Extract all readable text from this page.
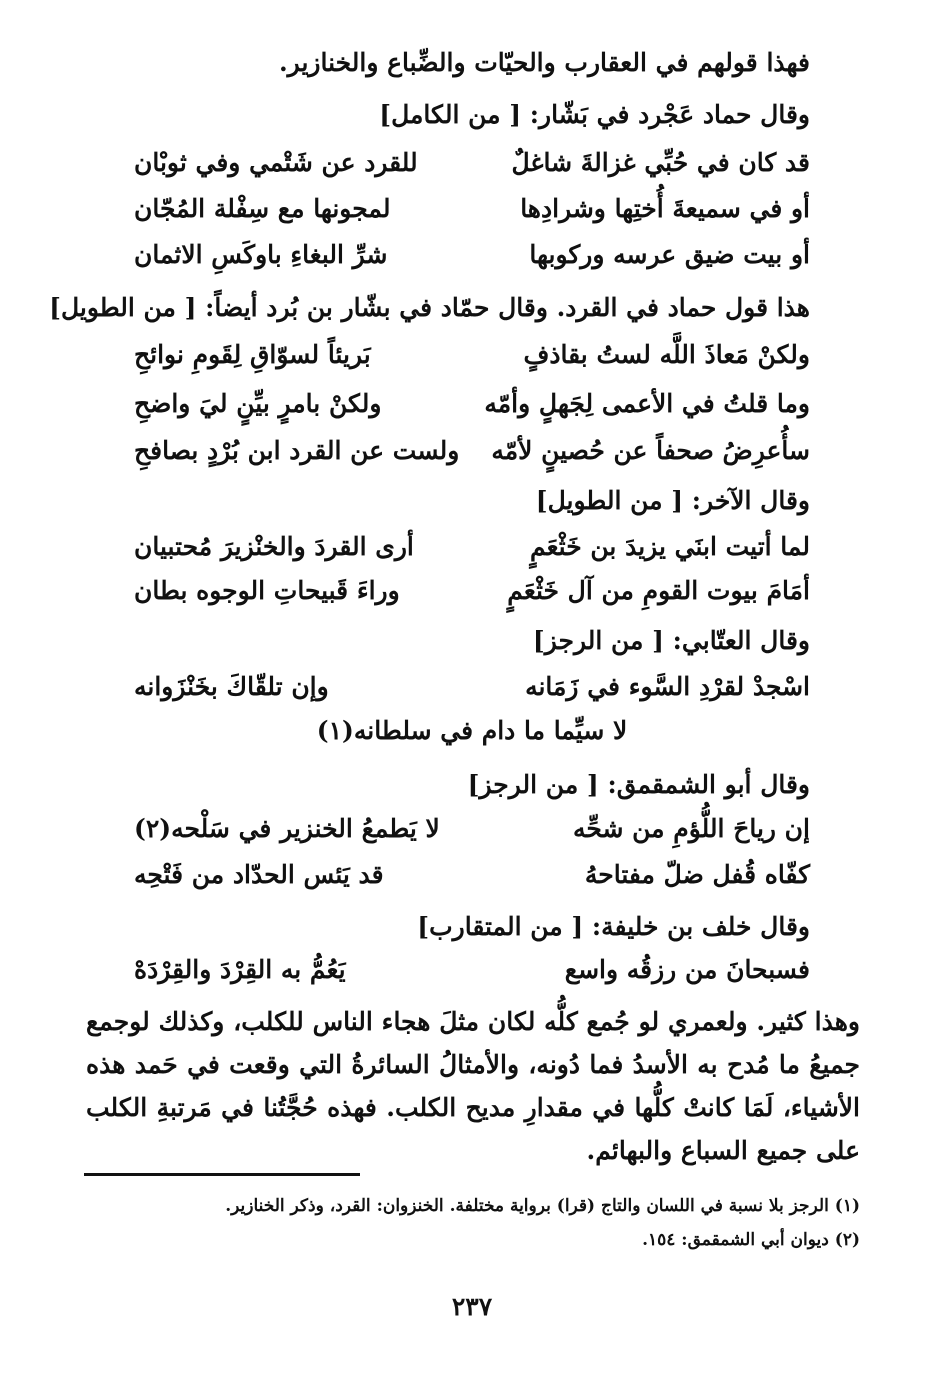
فهذا قولهم في العقارب والحيّات والضِّباع والخنازير.
وقال حماد عَجْرد في بَشّار: [ من الكامل]
قد كان في حُبِّي غزالةَ شاغلٌ
للقرد عن شَتْمي وفي ثوبْان
أو في سميعةَ أُختِها وشرادِها
لمجونها مع سِفْلة المُجّان
أو بيت ضيق عرسه وركوبها
شرِّ البغاءِ باوكَسِ الاثمان
هذا قول حماد في القرد. وقال حمّاد في بشّار بن بُرد أيضاً: [ من الطويل]
ولكنْ مَعاذَ اللَّه لستُ بقاذفٍ
بَريئاً لسوّاقِ لِقَومِ نوائحِ
وما قلتُ في الأعمى لِجَهلٍ وأمّه
ولكنْ بامرٍ بيِّنٍ ليَ واضحِ
سأُعرِضُ صحفاً عن حُصينٍ لأمّه
ولست عن القرد ابن بُرْدٍ بصافحِ
وقال الآخر: [ من الطويل]
لما أتيت ابنَي يزيدَ بن خَثْعَمٍ
أرى القردَ والخنْزيرَ مُحتبيان
أمَامَ بيوت القومِ من آل خَثْعَمٍ
وراءَ قَبيحاتِ الوجوه بطان
وقال العتّابي: [ من الرجز]
اسْجدْ لقرْدِ السَّوء في زَمَانه
وإن تلقّاكَ بخَنْزَوانه
لا سيِّما ما دام في سلطانه(١)
وقال أبو الشمقمق: [ من الرجز]
إن رياحَ اللُّؤمِ من شحِّه
لا يَطمعُ الخنزير في سَلْحه(٢)
كفّاه قُفل ضلّ مفتاحهُ
قد يَئس الحدّاد من فَتْحِه
وقال خلف بن خليفة: [ من المتقارب]
فسبحانَ من رزقُه واسع
يَعُمُّ به القِرْدَ والقِرْدَهْ
وهذا كثير. ولعمري لو جُمع كلُّه لكان مثلَ هجاء الناس للكلب، وكذلك لوجمع جميعُ ما مُدح به الأسدُ فما دُونه، والأمثالُ السائرةُ التي وقعت في حَمد هذه الأشياء، لَمَا كانتْ كلُّها في مقدارِ مديح الكلب. فهذه حُجَّتُنا في مَرتبةِ الكلب على جميع السباع والبهائم.
(١) الرجز بلا نسبة في اللسان والتاج (قرا) برواية مختلفة. الخنزوان: القرد، وذكر الخنازير.
(٢) ديوان أبي الشمقمق: ١٥٤.
٢٣٧
